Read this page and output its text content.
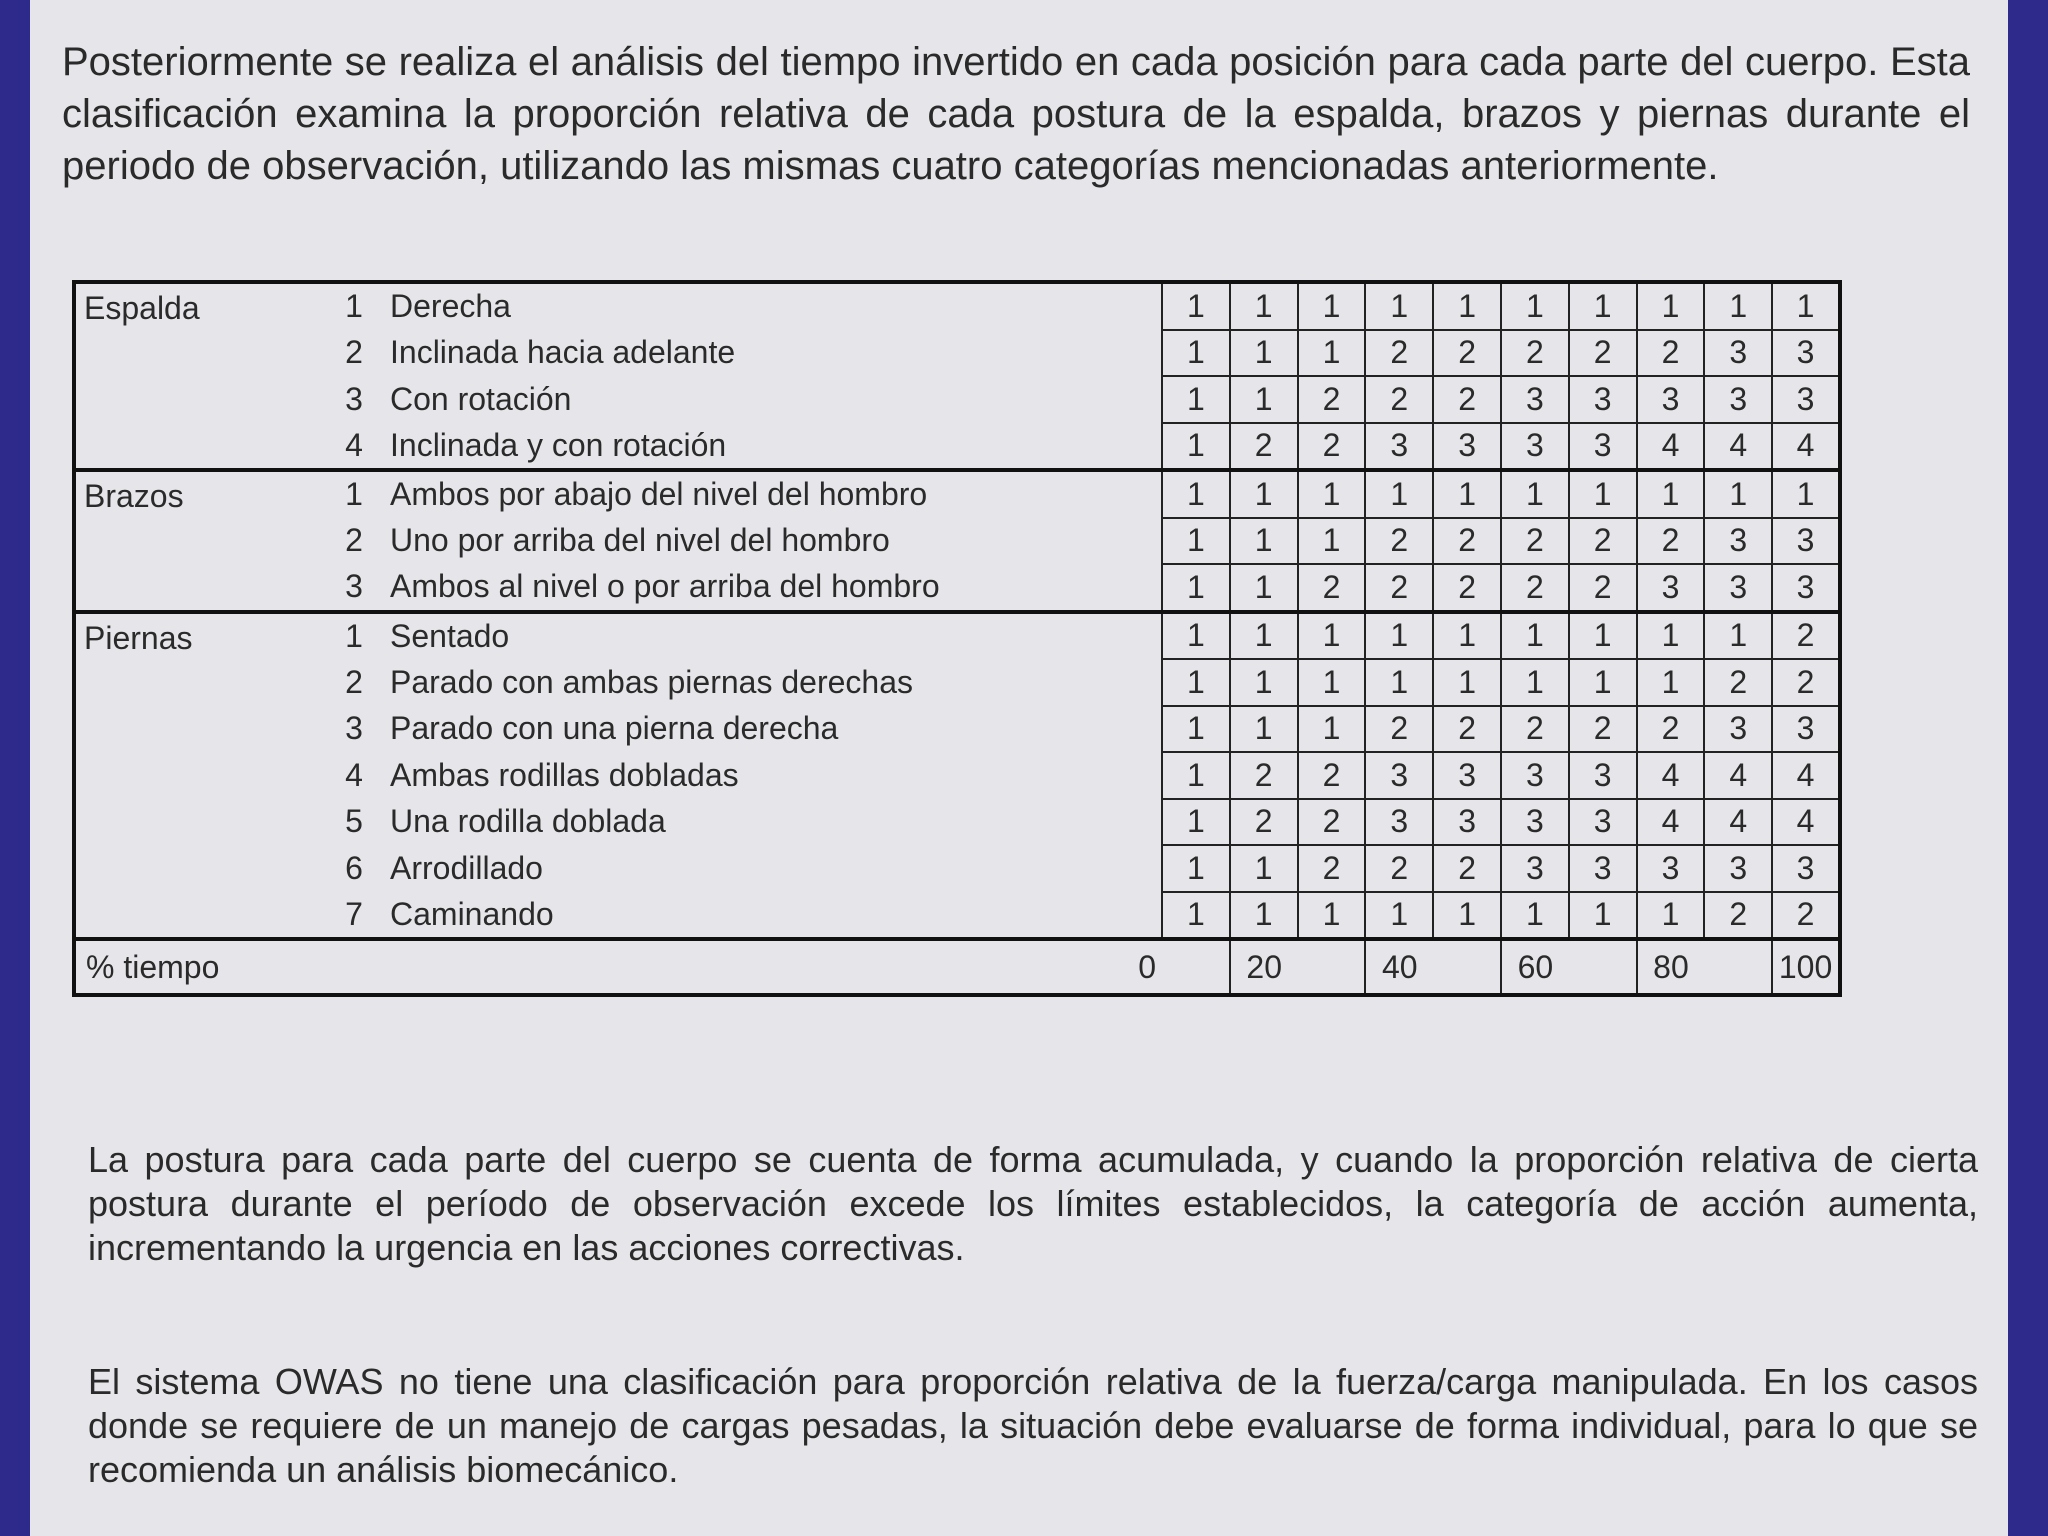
Posteriormente se realiza el análisis del tiempo invertido en cada posición para cada parte del cuerpo. Esta clasificación examina la proporción relativa de cada postura de la espalda, brazos y piernas durante el periodo de observación, utilizando las mismas cuatro categorías mencionadas anteriormente.
Espalda	1	Derecha	1	1	1	1	1	1	1	1	1	1
	2	Inclinada hacia adelante	1	1	1	2	2	2	2	2	3	3
	3	Con rotación	1	1	2	2	2	3	3	3	3	3
	4	Inclinada y con rotación	1	2	2	3	3	3	3	4	4	4
Brazos	1	Ambos por abajo del nivel del hombro	1	1	1	1	1	1	1	1	1	1
	2	Uno por arriba del nivel del hombro	1	1	1	2	2	2	2	2	3	3
	3	Ambos al nivel o por arriba del hombro	1	1	2	2	2	2	2	3	3	3
Piernas	1	Sentado	1	1	1	1	1	1	1	1	1	2
	2	Parado con ambas piernas derechas	1	1	1	1	1	1	1	1	2	2
	3	Parado con una pierna derecha	1	1	1	2	2	2	2	2	3	3
	4	Ambas rodillas dobladas	1	2	2	3	3	3	3	4	4	4
	5	Una rodilla doblada	1	2	2	3	3	3	3	4	4	4
	6	Arrodillado	1	1	2	2	2	3	3	3	3	3
	7	Caminando	1	1	1	1	1	1	1	1	2	2
% tiempo		0		20		40		60		80		100
La postura para cada parte del cuerpo se cuenta de forma acumulada, y cuando la proporción relativa de cierta postura durante el período de observación excede los límites establecidos, la categoría de acción aumenta, incrementando la urgencia en las acciones correctivas.
El sistema OWAS no tiene una clasificación para proporción relativa de la fuerza/carga manipulada. En los casos donde se requiere de un manejo de cargas pesadas, la situación debe evaluarse de forma individual, para lo que se recomienda un análisis biomecánico.
